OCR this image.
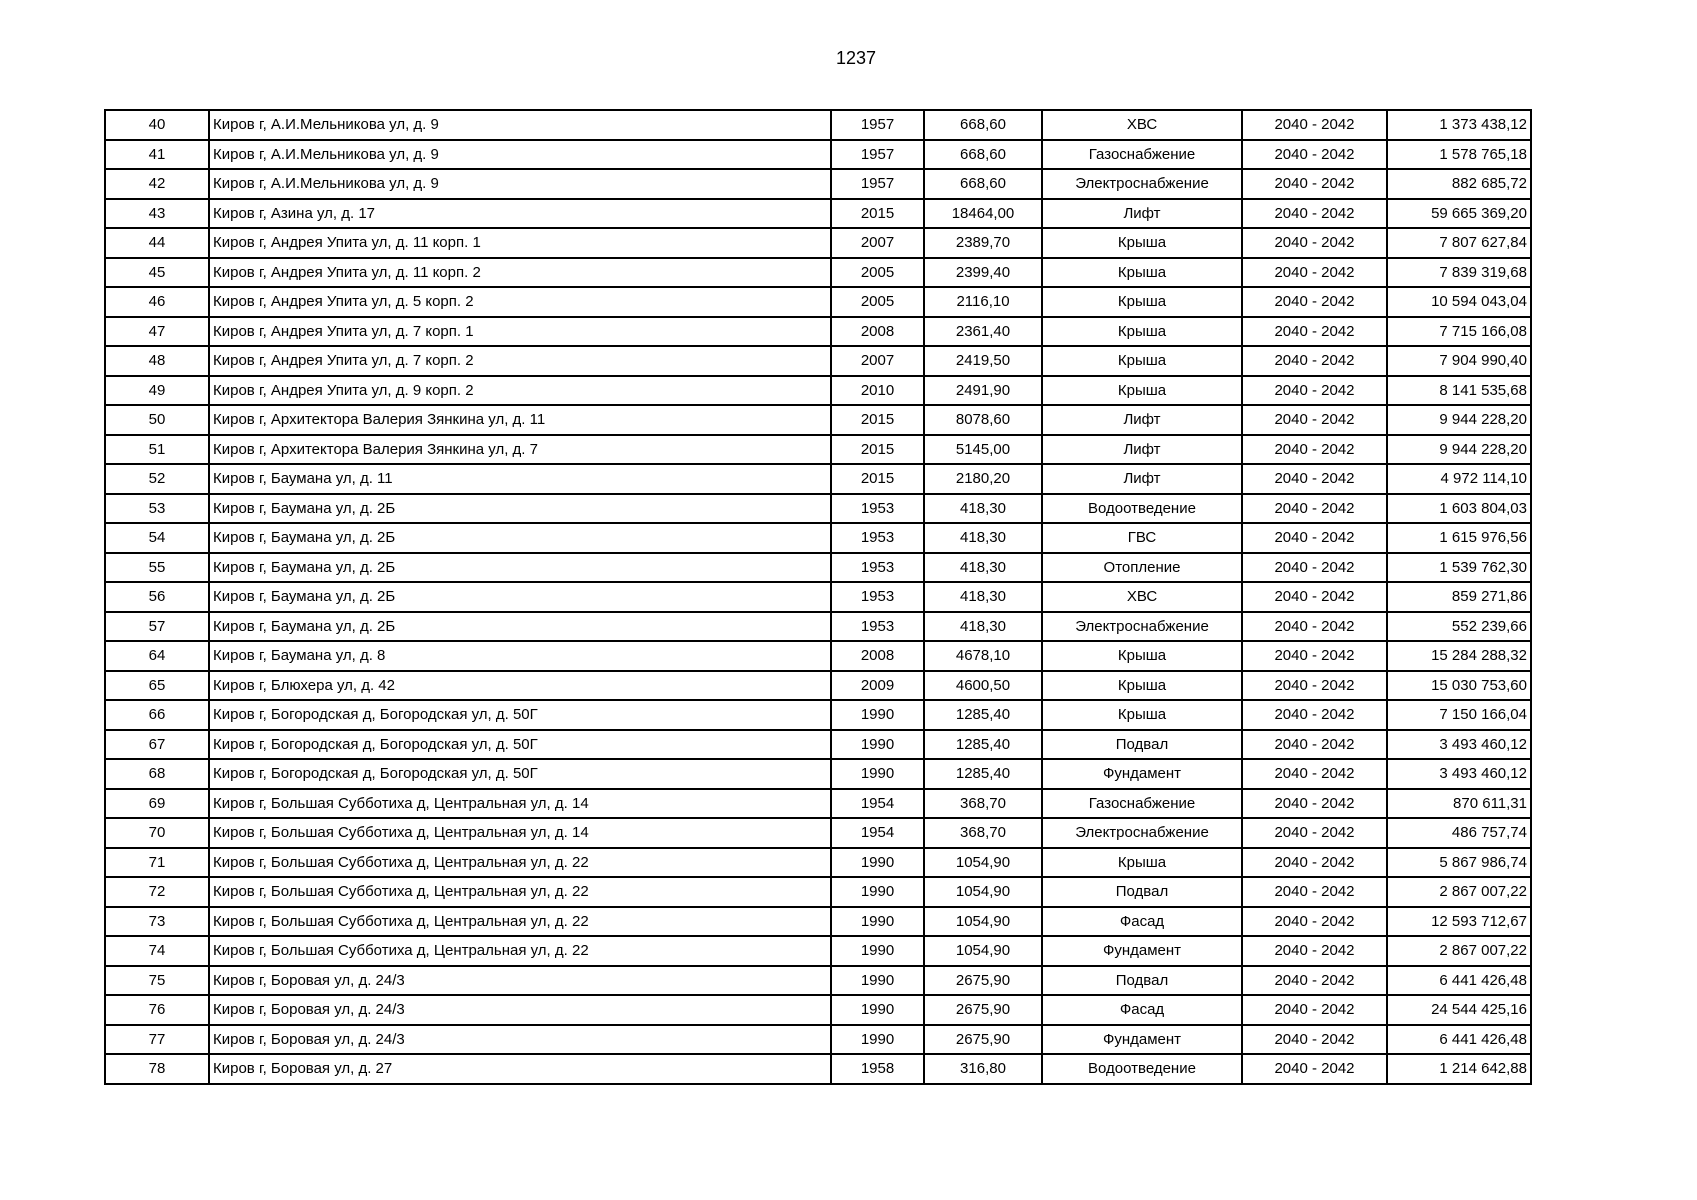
1237
40	Киров г, А.И.Мельникова ул, д. 9	1957	668,60	ХВС	2040 - 2042	1 373 438,12
41	Киров г, А.И.Мельникова ул, д. 9	1957	668,60	Газоснабжение	2040 - 2042	1 578 765,18
42	Киров г, А.И.Мельникова ул, д. 9	1957	668,60	Электроснабжение	2040 - 2042	882 685,72
43	Киров г, Азина ул, д. 17	2015	18464,00	Лифт	2040 - 2042	59 665 369,20
44	Киров г, Андрея Упита ул, д. 11 корп. 1	2007	2389,70	Крыша	2040 - 2042	7 807 627,84
45	Киров г, Андрея Упита ул, д. 11 корп. 2	2005	2399,40	Крыша	2040 - 2042	7 839 319,68
46	Киров г, Андрея Упита ул, д. 5 корп. 2	2005	2116,10	Крыша	2040 - 2042	10 594 043,04
47	Киров г, Андрея Упита ул, д. 7 корп. 1	2008	2361,40	Крыша	2040 - 2042	7 715 166,08
48	Киров г, Андрея Упита ул, д. 7 корп. 2	2007	2419,50	Крыша	2040 - 2042	7 904 990,40
49	Киров г, Андрея Упита ул, д. 9 корп. 2	2010	2491,90	Крыша	2040 - 2042	8 141 535,68
50	Киров г, Архитектора Валерия Зянкина ул, д. 11	2015	8078,60	Лифт	2040 - 2042	9 944 228,20
51	Киров г, Архитектора Валерия Зянкина ул, д. 7	2015	5145,00	Лифт	2040 - 2042	9 944 228,20
52	Киров г, Баумана ул, д. 11	2015	2180,20	Лифт	2040 - 2042	4 972 114,10
53	Киров г, Баумана ул, д. 2Б	1953	418,30	Водоотведение	2040 - 2042	1 603 804,03
54	Киров г, Баумана ул, д. 2Б	1953	418,30	ГВС	2040 - 2042	1 615 976,56
55	Киров г, Баумана ул, д. 2Б	1953	418,30	Отопление	2040 - 2042	1 539 762,30
56	Киров г, Баумана ул, д. 2Б	1953	418,30	ХВС	2040 - 2042	859 271,86
57	Киров г, Баумана ул, д. 2Б	1953	418,30	Электроснабжение	2040 - 2042	552 239,66
64	Киров г, Баумана ул, д. 8	2008	4678,10	Крыша	2040 - 2042	15 284 288,32
65	Киров г, Блюхера ул, д. 42	2009	4600,50	Крыша	2040 - 2042	15 030 753,60
66	Киров г, Богородская д, Богородская ул, д. 50Г	1990	1285,40	Крыша	2040 - 2042	7 150 166,04
67	Киров г, Богородская д, Богородская ул, д. 50Г	1990	1285,40	Подвал	2040 - 2042	3 493 460,12
68	Киров г, Богородская д, Богородская ул, д. 50Г	1990	1285,40	Фундамент	2040 - 2042	3 493 460,12
69	Киров г, Большая Субботиха д, Центральная ул, д. 14	1954	368,70	Газоснабжение	2040 - 2042	870 611,31
70	Киров г, Большая Субботиха д, Центральная ул, д. 14	1954	368,70	Электроснабжение	2040 - 2042	486 757,74
71	Киров г, Большая Субботиха д, Центральная ул, д. 22	1990	1054,90	Крыша	2040 - 2042	5 867 986,74
72	Киров г, Большая Субботиха д, Центральная ул, д. 22	1990	1054,90	Подвал	2040 - 2042	2 867 007,22
73	Киров г, Большая Субботиха д, Центральная ул, д. 22	1990	1054,90	Фасад	2040 - 2042	12 593 712,67
74	Киров г, Большая Субботиха д, Центральная ул, д. 22	1990	1054,90	Фундамент	2040 - 2042	2 867 007,22
75	Киров г, Боровая ул, д. 24/3	1990	2675,90	Подвал	2040 - 2042	6 441 426,48
76	Киров г, Боровая ул, д. 24/3	1990	2675,90	Фасад	2040 - 2042	24 544 425,16
77	Киров г, Боровая ул, д. 24/3	1990	2675,90	Фундамент	2040 - 2042	6 441 426,48
78	Киров г, Боровая ул, д. 27	1958	316,80	Водоотведение	2040 - 2042	1 214 642,88
